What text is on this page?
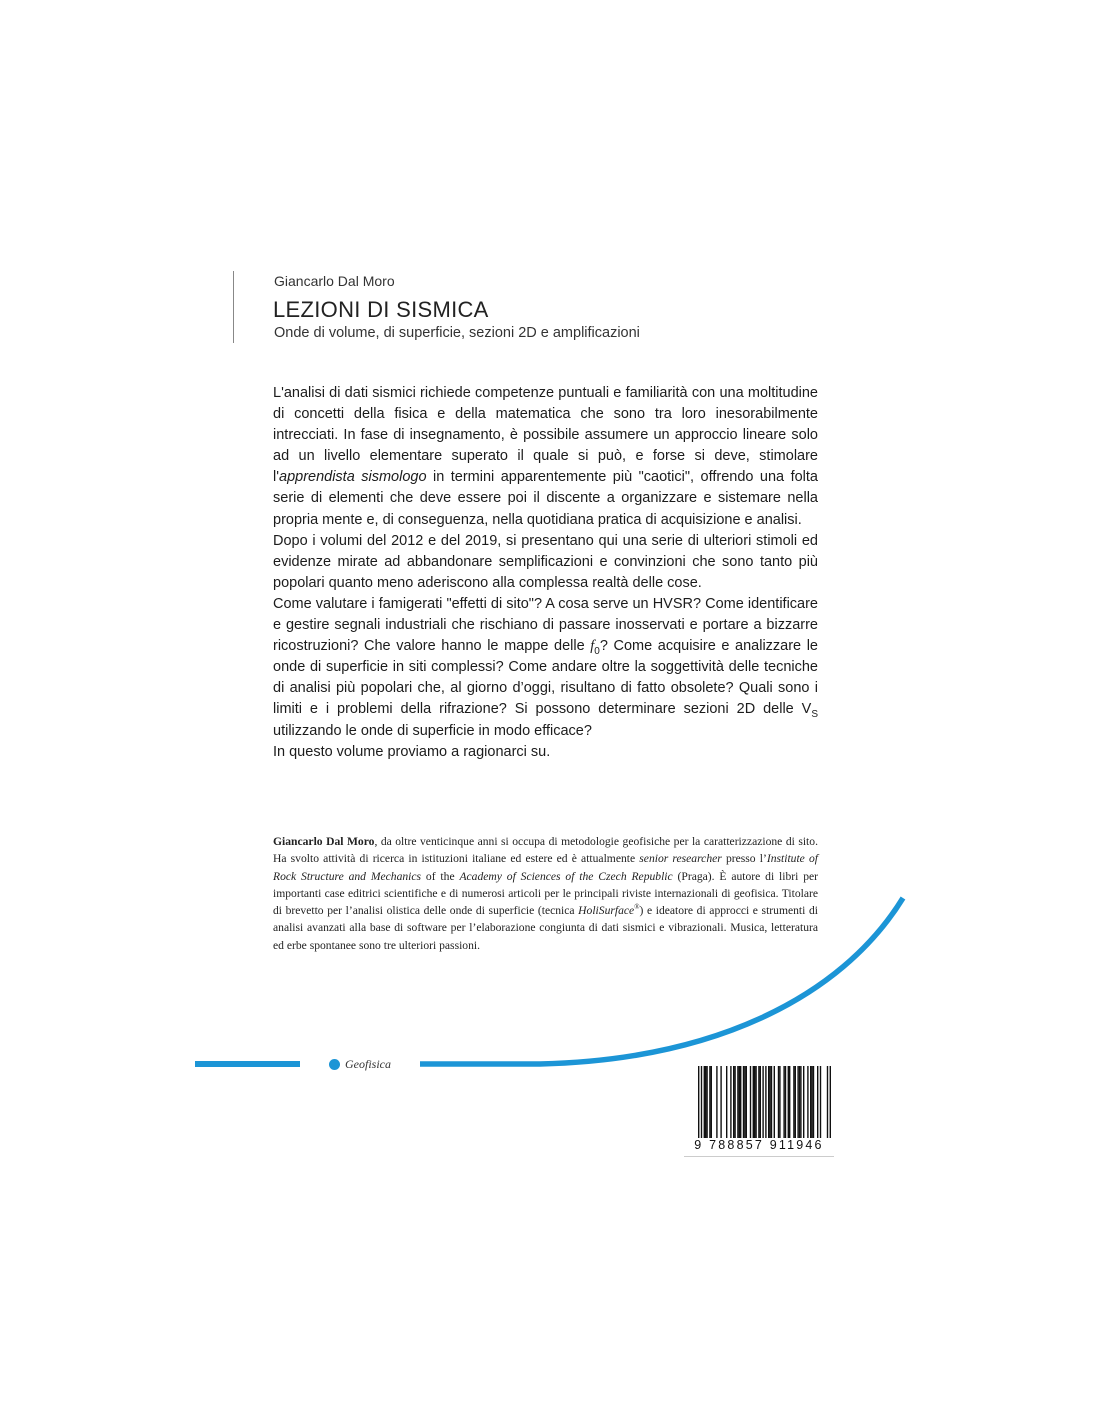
Giancarlo Dal Moro
LEZIONI DI SISMICA
Onde di volume, di superficie, sezioni 2D e amplificazioni

L'analisi di dati sismici richiede competenze puntuali e familiarità con una moltitudine di concetti della fisica e della matematica che sono tra loro inesorabilmente intrecciati. In fase di insegnamento, è possibile assumere un approccio lineare solo ad un livello elementare superato il quale si può, e forse si deve, stimolare l'apprendista sismologo in termini apparentemente più "caotici", offrendo una folta serie di elementi che deve essere poi il discente a organizzare e sistemare nella propria mente e, di conseguenza, nella quotidiana pratica di acquisizione e analisi.

Dopo i volumi del 2012 e del 2019, si presentano qui una serie di ulteriori stimoli ed evidenze mirate ad abbandonare semplificazioni e convinzioni che sono tanto più popolari quanto meno aderiscono alla complessa realtà delle cose.

Come valutare i famigerati "effetti di sito"? A cosa serve un HVSR? Come identificare e gestire segnali industriali che rischiano di passare inosservati e portare a bizzarre ricostruzioni? Che valore hanno le mappe delle $f_0$? Come acquisire e analizzare le onde di superficie in siti complessi? Come andare oltre la soggettività delle tecniche di analisi più popolari che, al giorno d’oggi, risultano di fatto obsolete? Quali sono i limiti e i problemi della rifrazione? Si possono determinare sezioni 2D delle $V_S$ utilizzando le onde di superficie in modo efficace?

In questo volume proviamo a ragionarci su.

Giancarlo Dal Moro, da oltre venticinque anni si occupa di metodologie geofisiche per la caratterizzazione di sito. Ha svolto attività di ricerca in istituzioni italiane ed estere ed è attualmente senior researcher presso l’Institute of Rock Structure and Mechanics of the Academy of Sciences of the Czech Republic (Praga). È autore di libri per importanti case editrici scientifiche e di numerosi articoli per le principali riviste internazionali di geofisica. Titolare di brevetto per l’analisi olistica delle onde di superficie (tecnica HoliSurface®) e ideatore di approcci e strumenti di analisi avanzati alla base di software per l’elaborazione congiunta di dati sismici e vibrazionali. Musica, letteratura ed erbe spontanee sono tre ulteriori passioni.

Geofisica
9 788857 911946
